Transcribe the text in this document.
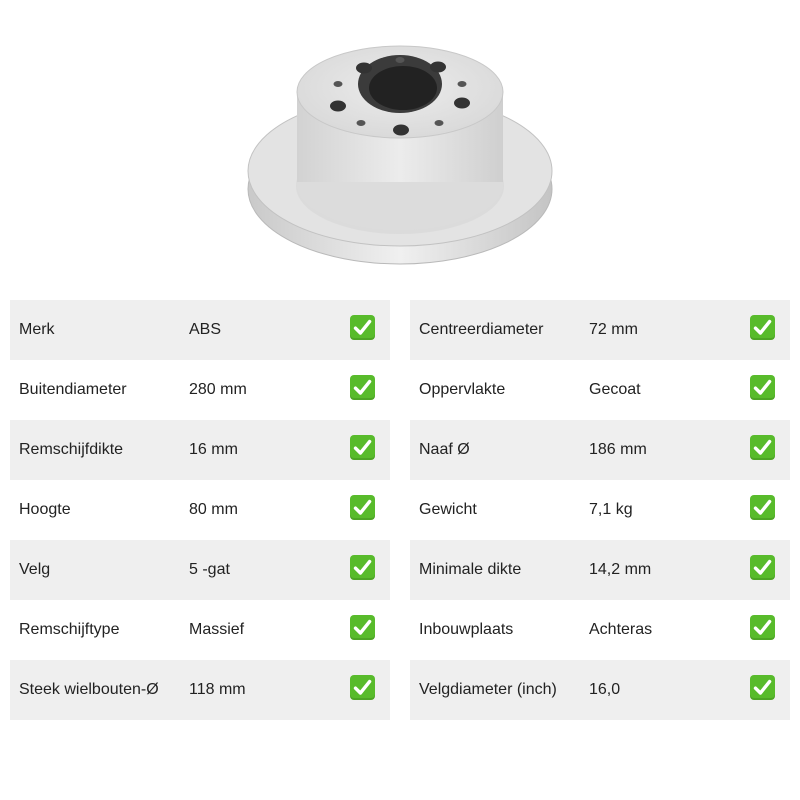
Merk	ABS
Buitendiameter	280 mm
Remschijfdikte	16 mm
Hoogte	80 mm
Velg	5 -gat
Remschijftype	Massief
Steek wielbouten-Ø 118 mm
Centreerdiameter	72 mm
Oppervlakte	Gecoat
Naaf Ø	186 mm
Gewicht	7,1 kg
Minimale dikte	14,2 mm
Inbouwplaats	Achteras
Velgdiameter (inch) 16,0
